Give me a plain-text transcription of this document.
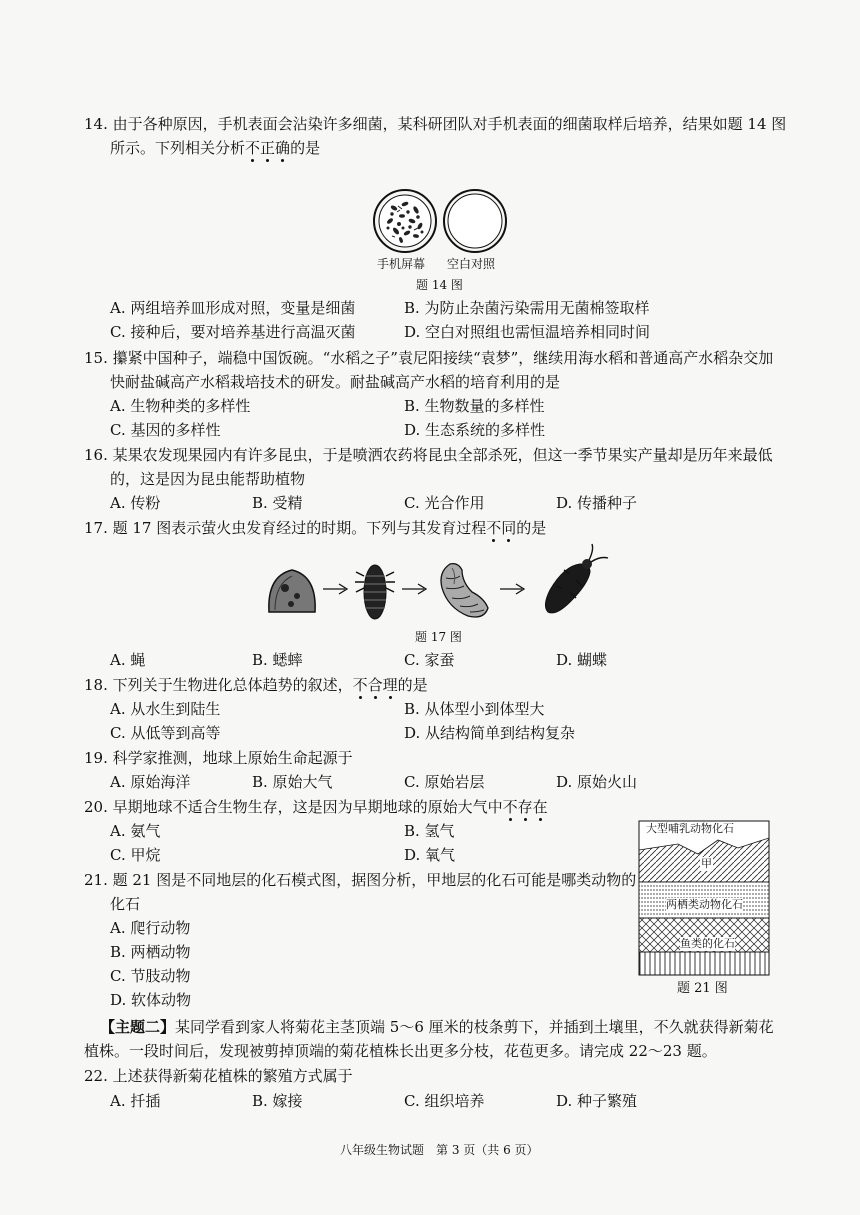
14. 由于各种原因，手机表面会沾染许多细菌，某科研团队对手机表面的细菌取样后培养，结果如题 14 图
所示。下列相关分析不正确的是
手机屏幕 空白对照
题 14 图
A. 两组培养皿形成对照，变量是细菌	B. 为防止杂菌污染需用无菌棉签取样
C. 接种后，要对培养基进行高温灭菌	D. 空白对照组也需恒温培养相同时间
15. 攥紧中国种子，端稳中国饭碗。“水稻之子”袁尼阳接续“袁梦”，继续用海水稻和普通高产水稻杂交加
快耐盐碱高产水稻栽培技术的研发。耐盐碱高产水稻的培育利用的是
A. 生物种类的多样性	B. 生物数量的多样性
C. 基因的多样性	D. 生态系统的多样性
16. 某果农发现果园内有许多昆虫，于是喷洒农药将昆虫全部杀死，但这一季节果实产量却是历年来最低
的，这是因为昆虫能帮助植物
A. 传粉	B. 受精	C. 光合作用	D. 传播种子
17. 题 17 图表示萤火虫发育经过的时期。下列与其发育过程不同的是
题 17 图
A. 蝇	B. 蟋蟀	C. 家蚕	D. 蝴蝶
18. 下列关于生物进化总体趋势的叙述，不合理的是
A. 从水生到陆生	B. 从体型小到体型大
C. 从低等到高等	D. 从结构简单到结构复杂
19. 科学家推测，地球上原始生命起源于
A. 原始海洋	B. 原始大气	C. 原始岩层	D. 原始火山
20. 早期地球不适合生物生存，这是因为早期地球的原始大气中不存在
A. 氨气	B. 氢气
C. 甲烷	D. 氧气
21. 题 21 图是不同地层的化石模式图，据图分析，甲地层的化石可能是哪类动物的
化石
A. 爬行动物
B. 两栖动物
C. 节肢动物
D. 软体动物
大型哺乳动物化石
甲
两栖类动物化石
鱼类的化石
题 21 图
【主题二】某同学看到家人将菊花主茎顶端 5～6 厘米的枝条剪下，并插到土壤里，不久就获得新菊花
植株。一段时间后，发现被剪掉顶端的菊花植株长出更多分枝，花苞更多。请完成 22～23 题。
22. 上述获得新菊花植株的繁殖方式属于
A. 扦插	B. 嫁接	C. 组织培养	D. 种子繁殖
八年级生物试题　第 3 页（共 6 页）
